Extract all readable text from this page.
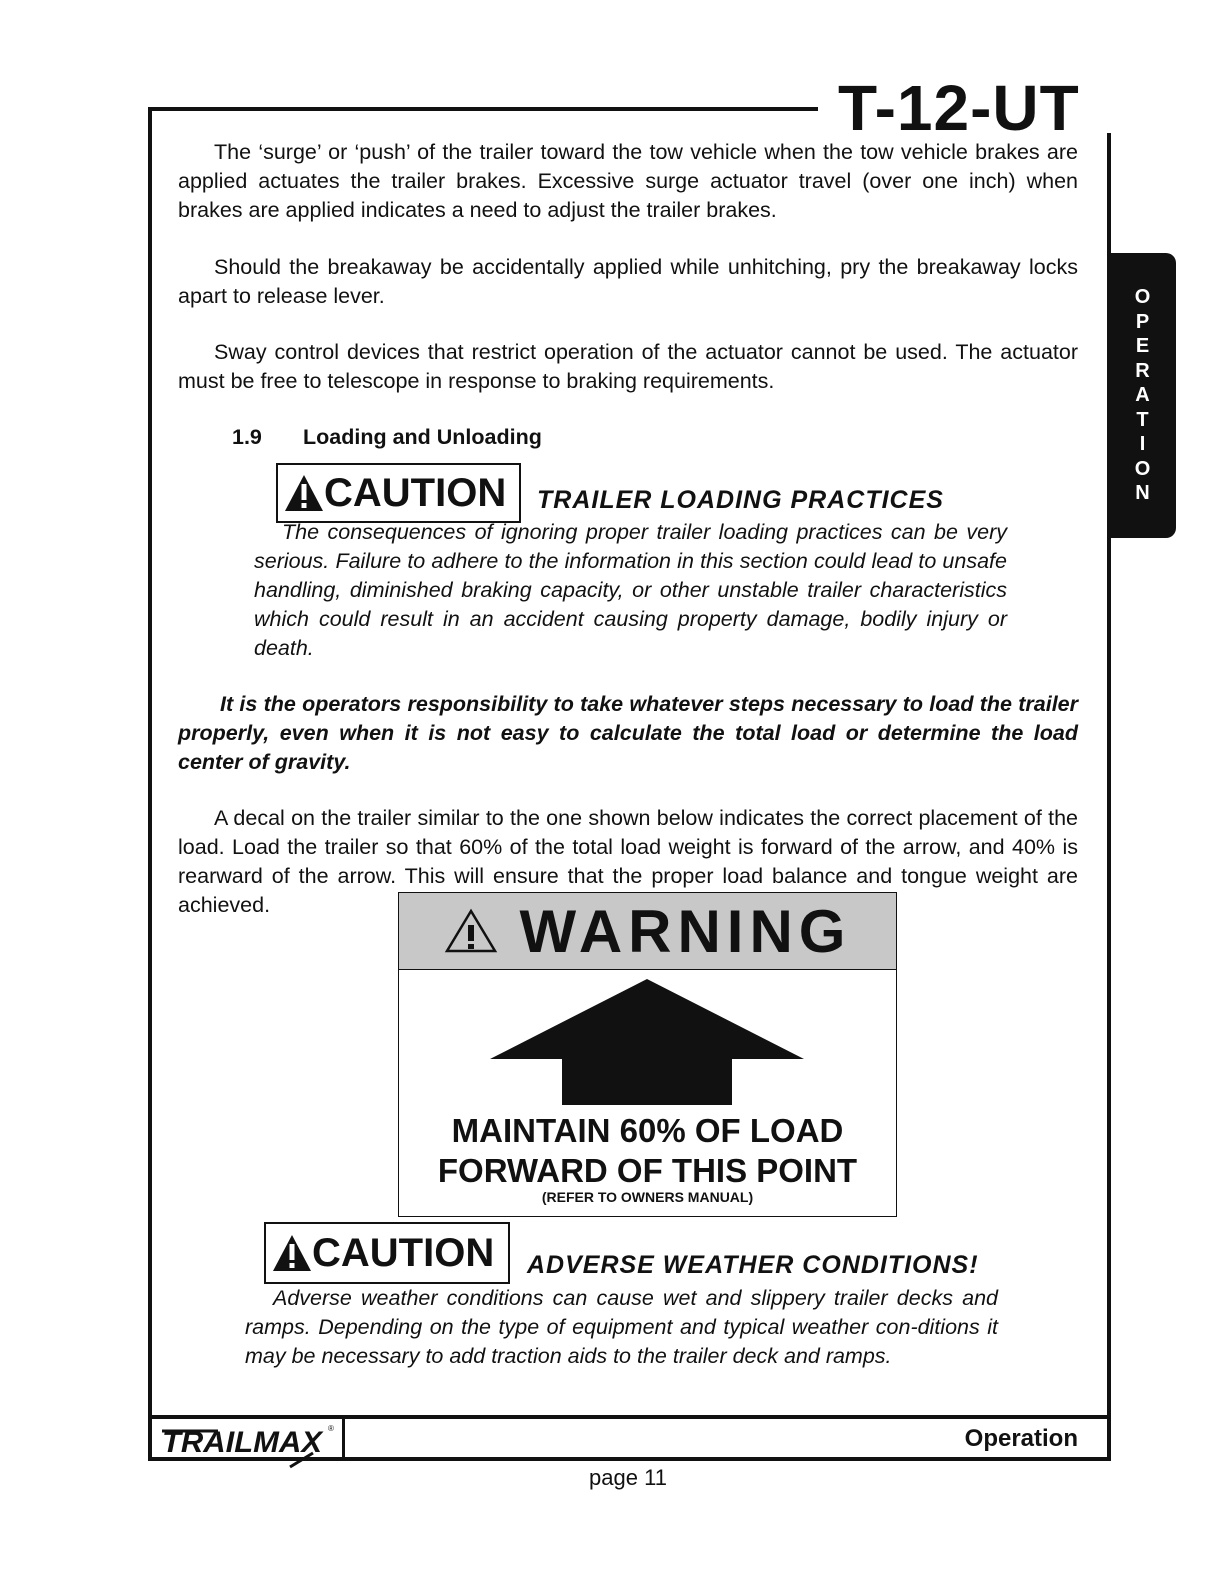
T-12-UT
O
P
E
R
A
T
I
O
N

The ‘surge’ or ‘push’ of the trailer toward the tow vehicle when the tow vehicle brakes are applied actuates the trailer brakes. Excessive surge actuator travel (over one inch) when brakes are applied indicates a need to adjust the trailer brakes.

Should the breakaway be accidentally applied while unhitching, pry the breakaway locks apart to release lever.

Sway control devices that restrict operation of the actuator cannot be used. The actuator must be free to telescope in response to braking requirements.

1.9 Loading and Unloading
CAUTION TRAILER LOADING PRACTICES

The consequences of ignoring proper trailer loading practices can be very serious. Failure to adhere to the information in this section could lead to unsafe handling, diminished braking capacity, or other unstable trailer characteristics which could result in an accident causing property damage, bodily injury or death.

It is the operators responsibility to take whatever steps necessary to load the trailer properly, even when it is not easy to calculate the total load or determine the load center of gravity.

A decal on the trailer similar to the one shown below indicates the correct placement of the load. Load the trailer so that 60% of the total load weight is forward of the arrow, and 40% is rearward of the arrow. This will ensure that the proper load balance and tongue weight are achieved.	WARNING
MAINTAIN 60% OF LOAD
FORWARD OF THIS POINT
(REFER TO OWNERS MANUAL)
CAUTION ADVERSE WEATHER CONDITIONS!

Adverse weather conditions can cause wet and slippery trailer decks and ramps. Depending on the type of equipment and typical weather con-ditions it may be necessary to add traction aids to the trailer deck and ramps.

TRAILMAX ®	Operation
page 11
